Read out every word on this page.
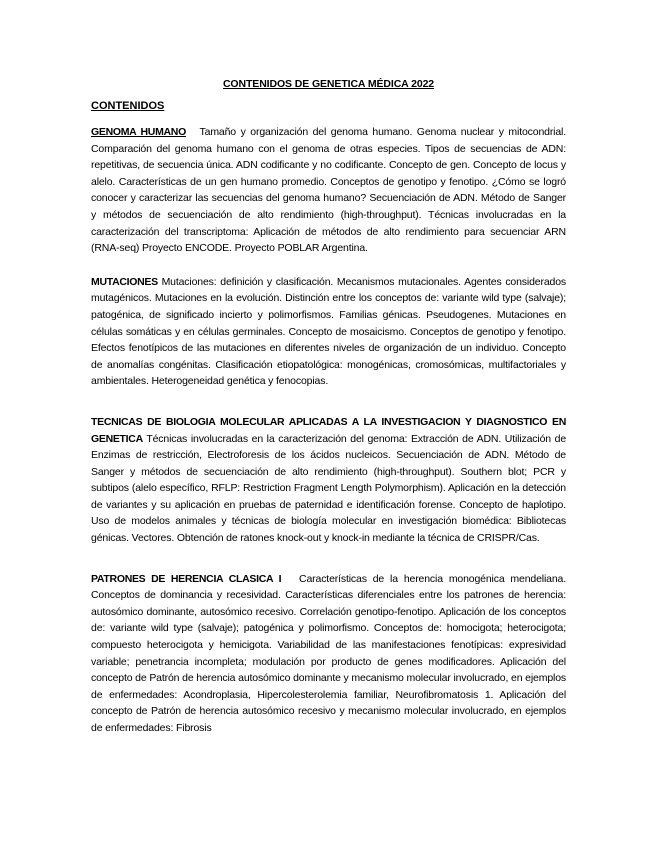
CONTENIDOS DE GENETICA MÉDICA 2022
CONTENIDOS

GENOMA HUMANO Tamaño y organización del genoma humano. Genoma nuclear y mitocondrial. Comparación del genoma humano con el genoma de otras especies. Tipos de secuencias de ADN: repetitivas, de secuencia única. ADN codificante y no codificante. Concepto de gen. Concepto de locus y alelo. Características de un gen humano promedio. Conceptos de genotipo y fenotipo. ¿Cómo se logró conocer y caracterizar las secuencias del genoma humano? Secuenciación de ADN. Método de Sanger y métodos de secuenciación de alto rendimiento (high-throughput). Técnicas involucradas en la caracterización del transcriptoma: Aplicación de métodos de alto rendimiento para secuenciar ARN (RNA-seq) Proyecto ENCODE. Proyecto POBLAR Argentina.

MUTACIONES Mutaciones: definición y clasificación. Mecanismos mutacionales. Agentes considerados mutagénicos. Mutaciones en la evolución. Distinción entre los conceptos de: variante wild type (salvaje); patogénica, de significado incierto y polimorfismos. Familias génicas. Pseudogenes. Mutaciones en células somáticas y en células germinales. Concepto de mosaicismo. Conceptos de genotipo y fenotipo. Efectos fenotípicos de las mutaciones en diferentes niveles de organización de un individuo. Concepto de anomalías congénitas. Clasificación etiopatológica: monogénicas, cromosómicas, multifactoriales y ambientales. Heterogeneidad genética y fenocopias.

TECNICAS DE BIOLOGIA MOLECULAR APLICADAS A LA INVESTIGACION Y DIAGNOSTICO EN GENETICA Técnicas involucradas en la caracterización del genoma: Extracción de ADN. Utilización de Enzimas de restricción, Electroforesis de los ácidos nucleicos. Secuenciación de ADN. Método de Sanger y métodos de secuenciación de alto rendimiento (high-throughput). Southern blot; PCR y subtipos (alelo específico, RFLP: Restriction Fragment Length Polymorphism). Aplicación en la detección de variantes y su aplicación en pruebas de paternidad e identificación forense. Concepto de haplotipo. Uso de modelos animales y técnicas de biología molecular en investigación biomédica: Bibliotecas génicas. Vectores. Obtención de ratones knock-out y knock-in mediante la técnica de CRISPR/Cas.

PATRONES DE HERENCIA CLASICA I Características de la herencia monogénica mendeliana. Conceptos de dominancia y recesividad. Características diferenciales entre los patrones de herencia: autosómico dominante, autosómico recesivo. Correlación genotipo-fenotipo. Aplicación de los conceptos de: variante wild type (salvaje); patogénica y polimorfismo. Conceptos de: homocigota; heterocigota; compuesto heterocigota y hemicigota. Variabilidad de las manifestaciones fenotípicas: expresividad variable; penetrancia incompleta; modulación por producto de genes modificadores. Aplicación del concepto de Patrón de herencia autosómico dominante y mecanismo molecular involucrado, en ejemplos de enfermedades: Acondroplasia, Hipercolesterolemia familiar, Neurofibromatosis 1. Aplicación del concepto de Patrón de herencia autosómico recesivo y mecanismo molecular involucrado, en ejemplos de enfermedades: Fibrosis
